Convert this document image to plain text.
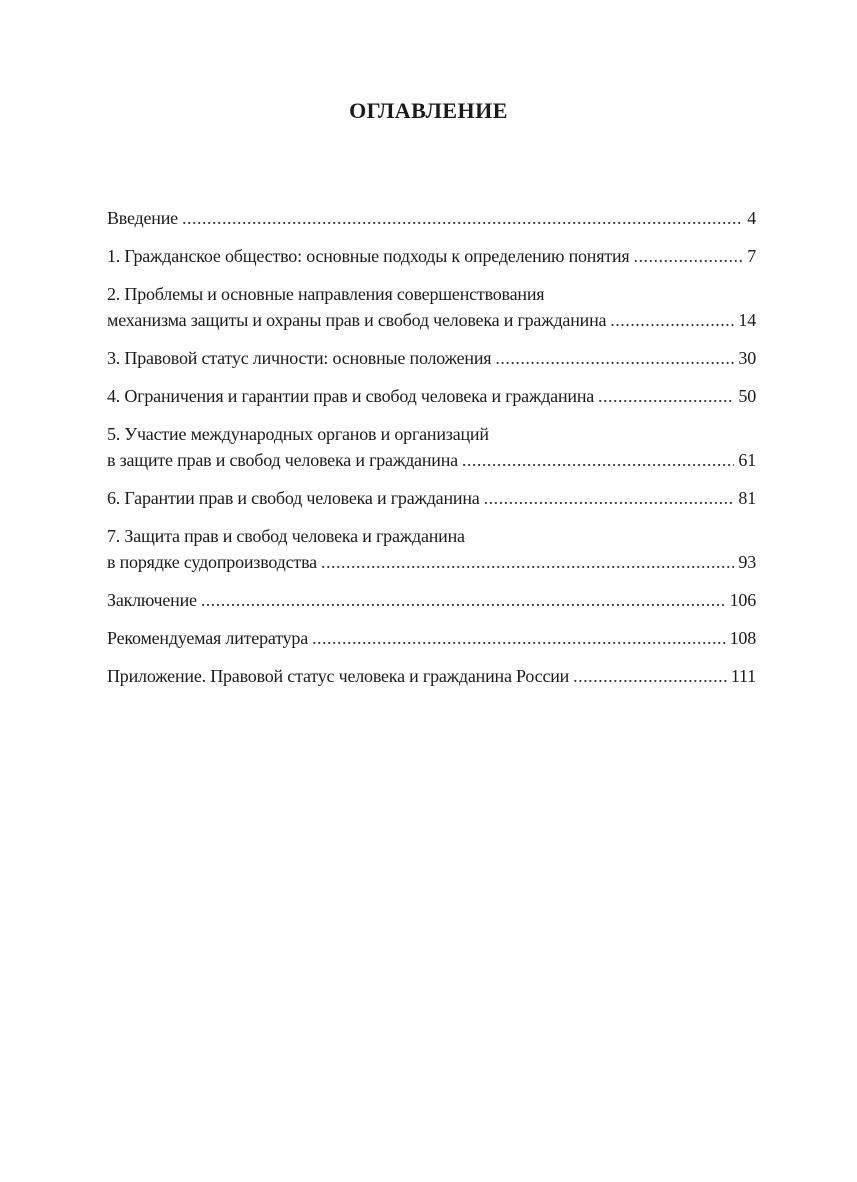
ОГЛАВЛЕНИЕ
Введение .....	4
1. Гражданское общество: основные подходы к определению понятия .....	7
2. Проблемы и основные направления совершенствования
механизма защиты и охраны прав и свобод человека и гражданина .....	14
3. Правовой статус личности: основные положения .....	30
4. Ограничения и гарантии прав и свобод человека и гражданина .....	50
5. Участие международных органов и организаций
в защите прав и свобод человека и гражданина .....	61
6. Гарантии прав и свобод человека и гражданина .....	81
7. Защита прав и свобод человека и гражданина
в порядке судопроизводства .....	93
Заключение .....	106
Рекомендуемая литература .....	108
Приложение. Правовой статус человека и гражданина России .....	111
